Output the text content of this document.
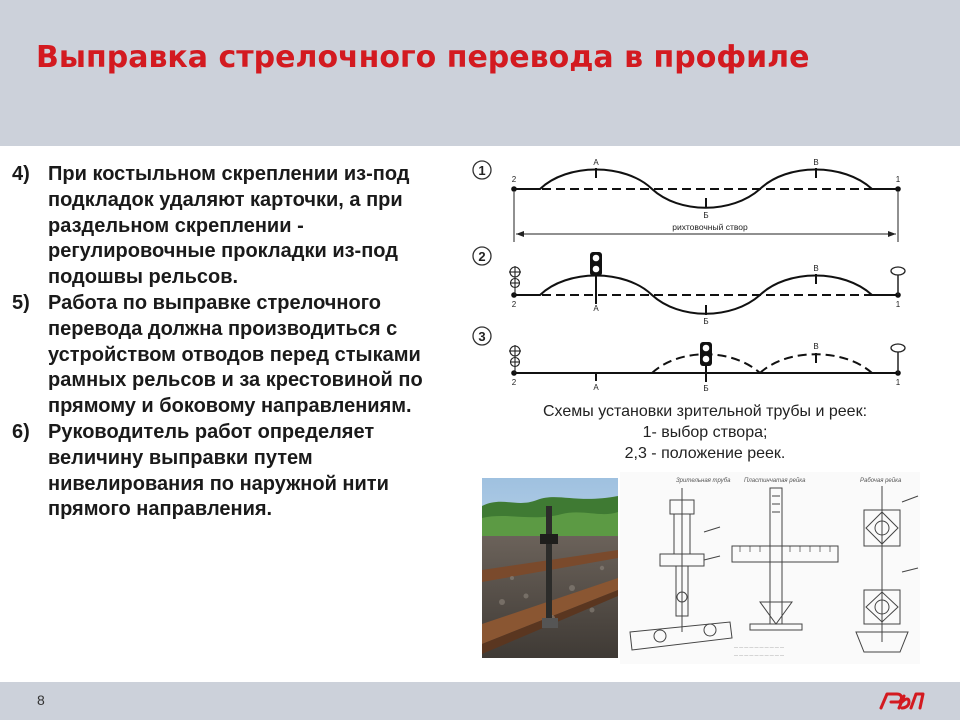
Выправка стрелочного перевода в профиле
4) При костыльном скреплении из-под подкладок удаляют карточки, а при раздельном скреплении - регулировочные прокладки из-под подошвы рельсов.
5) Работа по выправке стрелочного перевода должна производиться с устройством отводов перед стыками рамных рельсов и за крестовиной по прямому и боковому направлениям.
6) Руководитель работ определяет величину выправки путем нивелирования по наружной нити прямого направления.
1
2
А
Б
В
1
рихтовочный створ
2
2	А
Б
В
1
3
2
А	Б
В
1
Схемы установки зрительной трубы и реек:
1- выбор створа;
2,3 - положение реек.
Зрительная труба Пластинчатая рейка
— — — — — — — — — —
— — — — — — — — — —
Рабочая рейка
8
